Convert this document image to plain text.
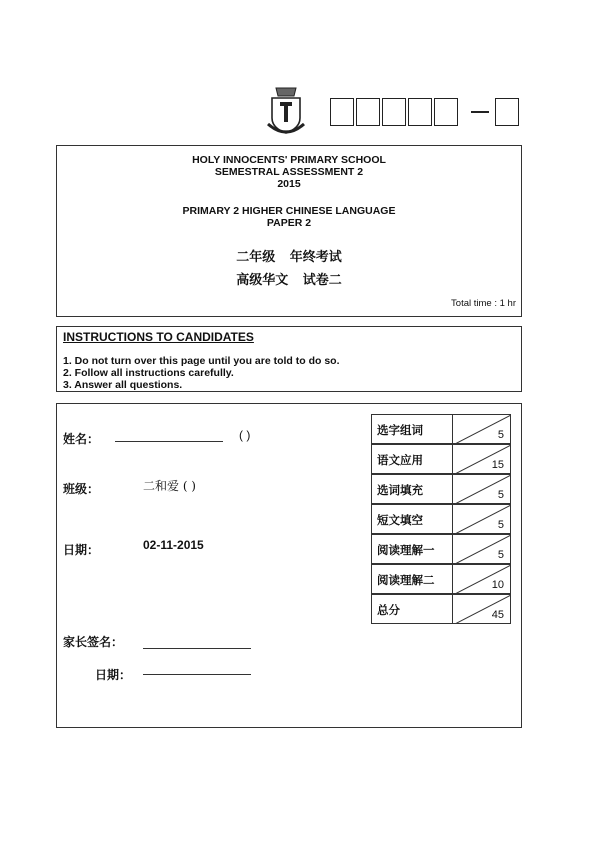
HOLY INNOCENTS' PRIMARY SCHOOL
SEMESTRAL ASSESSMENT 2
2015
PRIMARY 2 HIGHER CHINESE LANGUAGE
PAPER 2
二年级 年终考试
高级华文 试卷二
Total time : 1 hr
INSTRUCTIONS TO CANDIDATES
1. Do not turn over this page until you are told to do so.
2. Follow all instructions carefully.
3. Answer all questions.
姓名：	( )
班级：	二和爱 ( )
日期：	02-11-2015
家长签名：
日期：
选字组词	5
语文应用	15
选词填充	5
短文填空	5
阅读理解一	5
阅读理解二	10
总分	45
